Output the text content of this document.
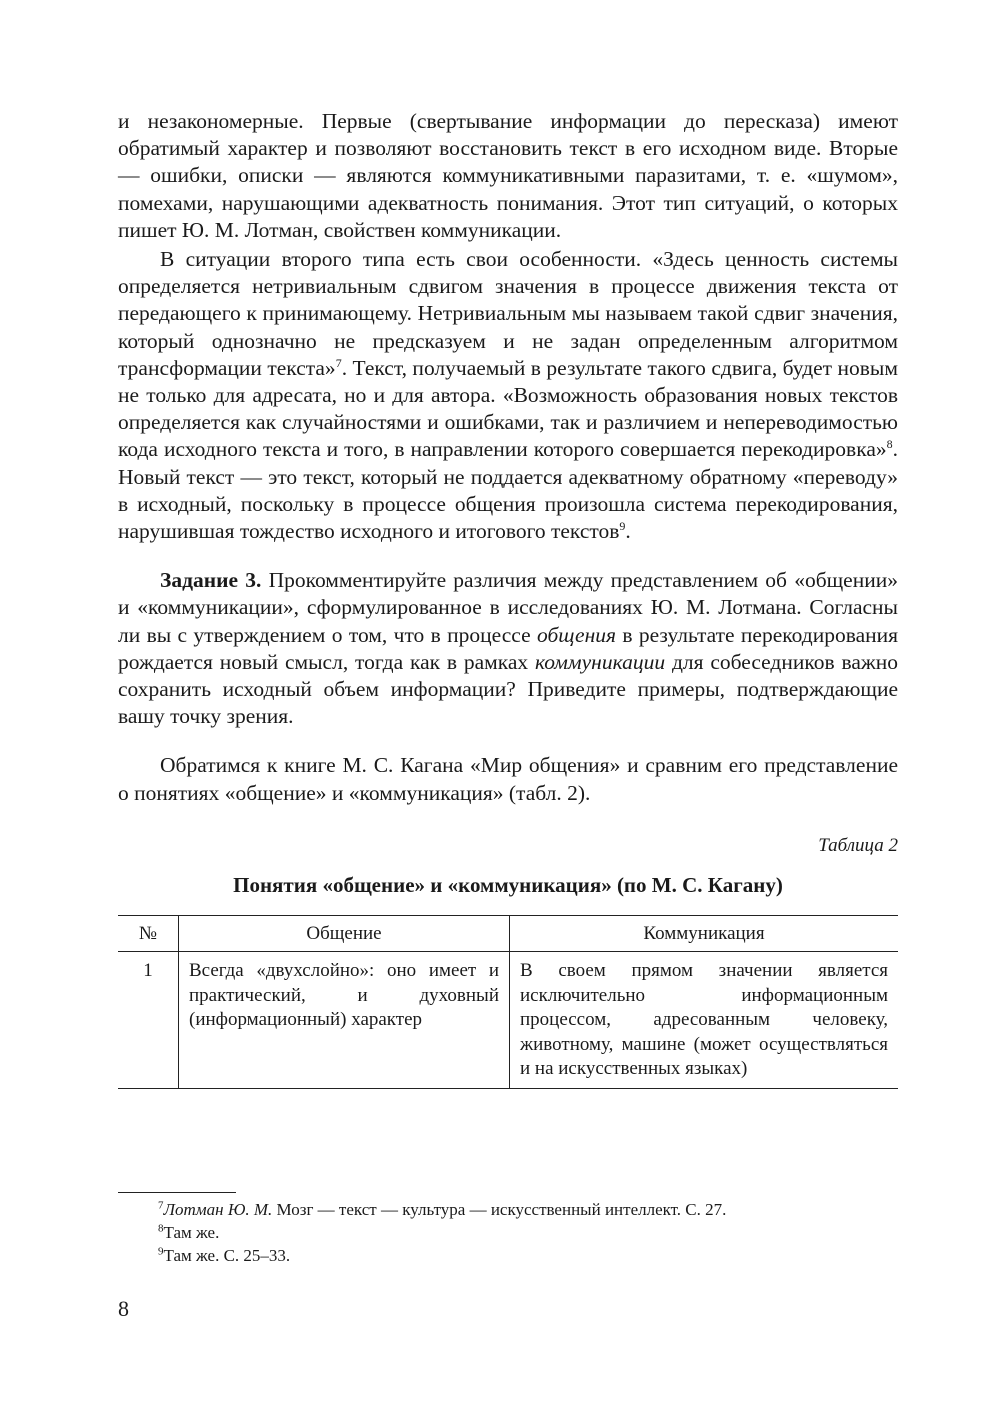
и незакономерные. Первые (свертывание информации до пересказа) имеют обратимый характер и позволяют восстановить текст в его исходном виде. Вторые — ошибки, описки — являются коммуникативными паразитами, т. е. «шумом», помехами, нарушающими адекватность понимания. Этот тип ситуаций, о которых пишет Ю. М. Лотман, свойствен коммуникации.

В ситуации второго типа есть свои особенности. «Здесь ценность системы определяется нетривиальным сдвигом значения в процессе движения текста от передающего к принимающему. Нетривиальным мы называем такой сдвиг значения, который однозначно не предсказуем и не задан определенным алгоритмом трансформации текста»$^7$. Текст, получаемый в результате такого сдвига, будет новым не только для адресата, но и для автора. «Возможность образования новых текстов определяется как случайностями и ошибками, так и различием и непереводимостью кода исходного текста и того, в направлении которого совершается перекодировка»$^8$. Новый текст — это текст, который не поддается адекватному обратному «переводу» в исходный, поскольку в процессе общения произошла система перекодирования, нарушившая тождество исходного и итогового текстов$^9$.

Задание 3. Прокомментируйте различия между представлением об «общении» и «коммуникации», сформулированное в исследованиях Ю. М. Лотмана. Согласны ли вы с утверждением о том, что в процессе общения в результате перекодирования рождается новый смысл, тогда как в рамках коммуникации для собеседников важно сохранить исходный объем информации? Приведите примеры, подтверждающие вашу точку зрения.

Обратимся к книге М. С. Кагана «Мир общения» и сравним его представление о понятиях «общение» и «коммуникация» (табл. 2).

Таблица 2
Понятия «общение» и «коммуникация» (по М. С. Кагану)
№	Общение	Коммуникация
1	Всегда «двухслойно»: оно имеет и практический, и духовный (информационный) характер	В своем прямом значении является исключительно информационным процессом, адресованным человеку, животному, машине (может осуществляться и на искусственных языках)
$^7$Лотман Ю. М. Мозг — текст — культура — искусственный интеллект. С. 27.
$^8$Там же.
$^9$Там же. С. 25–33.
8
